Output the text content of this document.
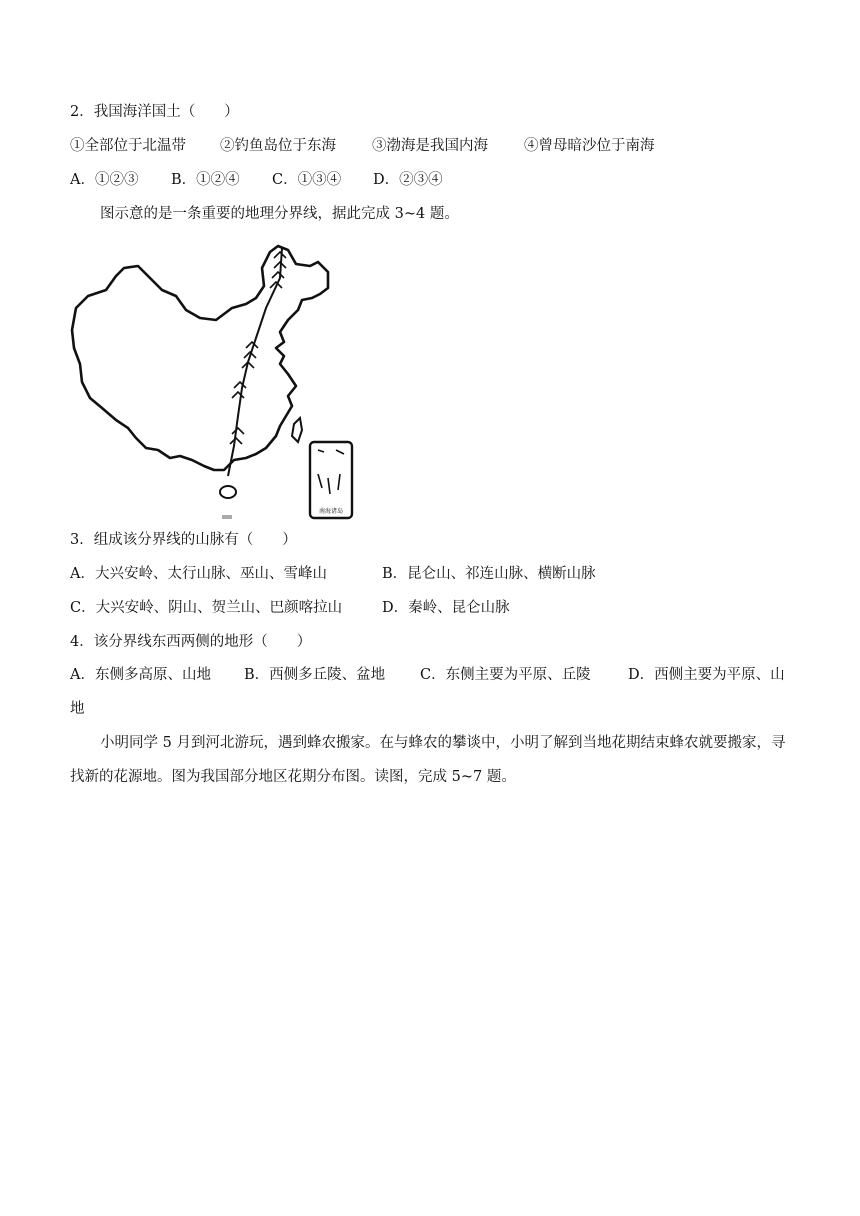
2．我国海洋国土（　　）
①全部位于北温带 ②钓鱼岛位于东海 ③渤海是我国内海 ④曾母暗沙位于南海
A．①②③ B．①②④ C．①③④ D．②③④
图示意的是一条重要的地理分界线，据此完成 3~4 题。
南海诸岛
3．组成该分界线的山脉有（　　）
A．大兴安岭、太行山脉、巫山、雪峰山	B．昆仑山、祁连山脉、横断山脉
C．大兴安岭、阴山、贺兰山、巴颜喀拉山	D．秦岭、昆仑山脉
4．该分界线东西两侧的地形（　　）
A．东侧多高原、山地 B．西侧多丘陵、盆地 C．东侧主要为平原、丘陵	D．西侧主要为平原、山地
小明同学 5 月到河北游玩，遇到蜂农搬家。在与蜂农的攀谈中，小明了解到当地花期结束蜂农就要搬家，寻找新的花源地。图为我国部分地区花期分布图。读图，完成 5~7 题。
